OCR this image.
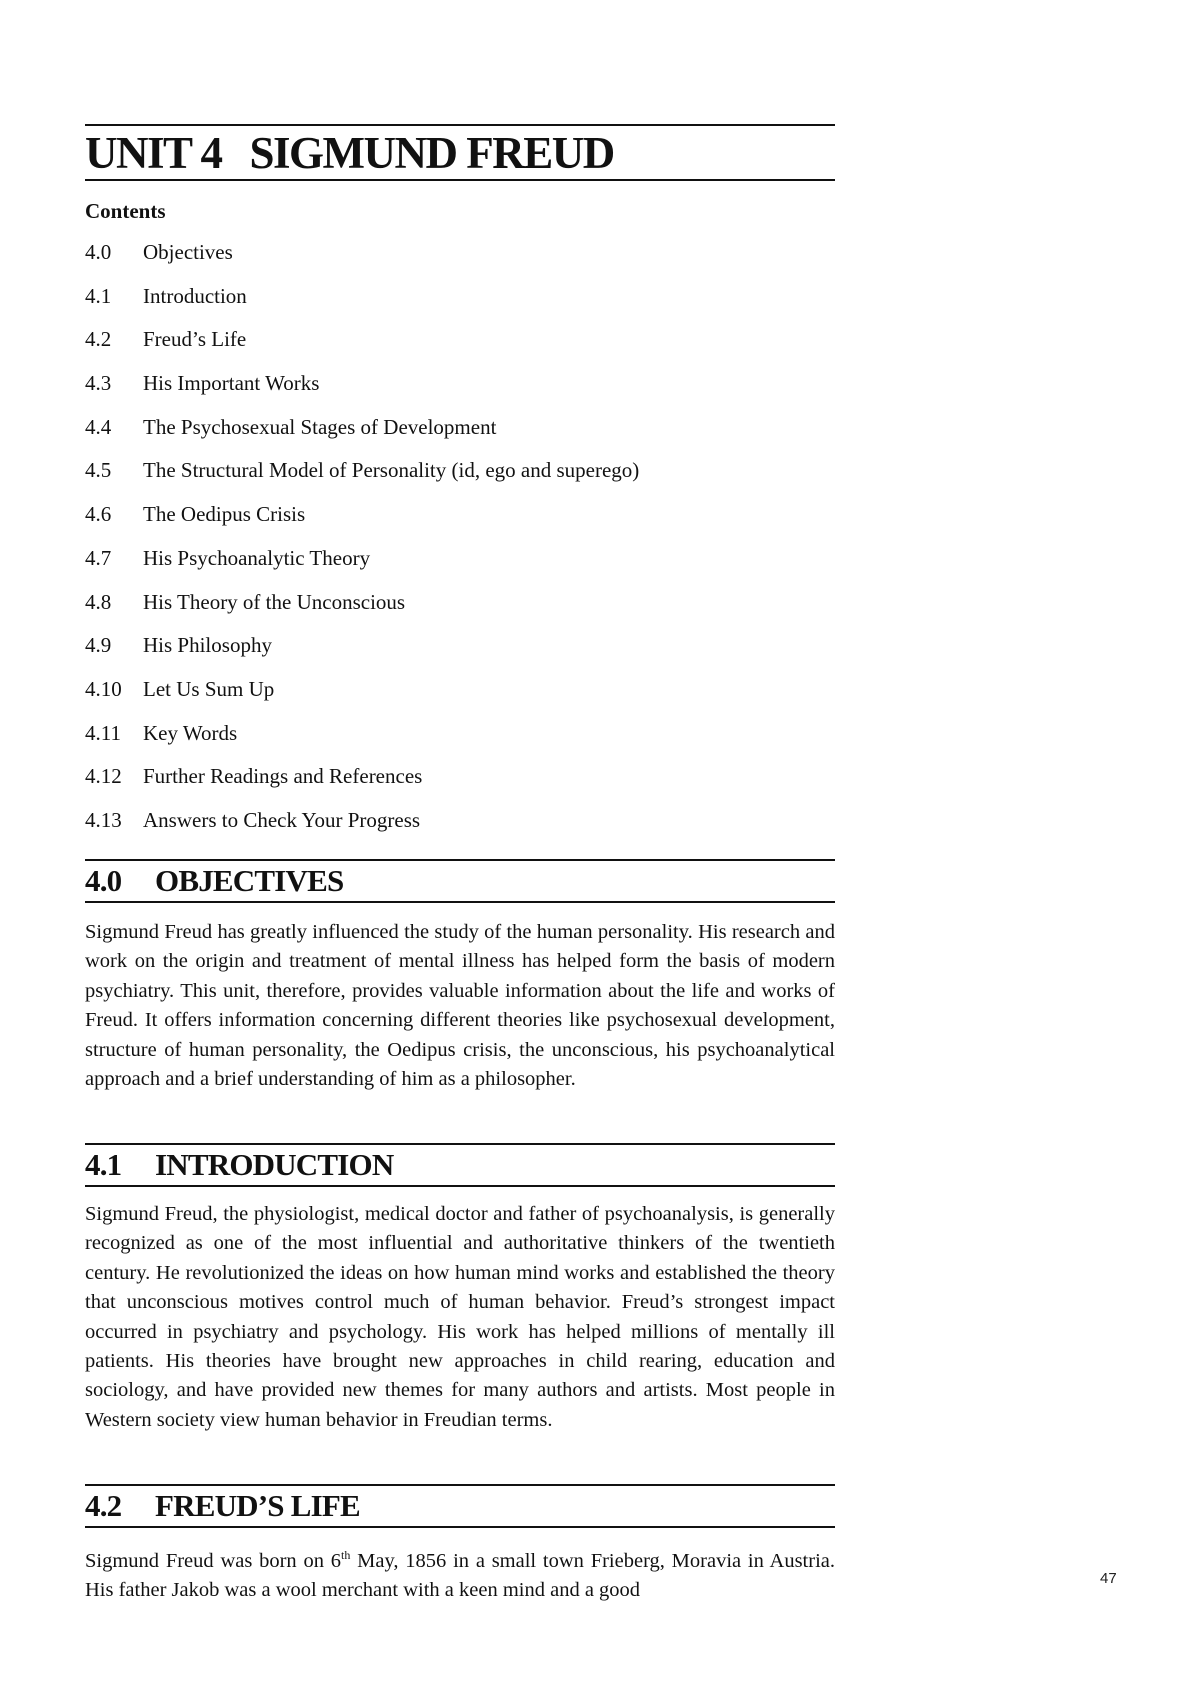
UNIT 4 SIGMUND FREUD
Contents
4.0 Objectives
4.1 Introduction
4.2 Freud’s Life
4.3 His Important Works
4.4 The Psychosexual Stages of Development
4.5 The Structural Model of Personality (id, ego and superego)
4.6 The Oedipus Crisis
4.7 His Psychoanalytic Theory
4.8 His Theory of the Unconscious
4.9 His Philosophy
4.10 Let Us Sum Up
4.11 Key Words
4.12 Further Readings and References
4.13 Answers to Check Your Progress
4.0 OBJECTIVES

Sigmund Freud has greatly influenced the study of the human personality. His research and work on the origin and treatment of mental illness has helped form the basis of modern psychiatry. This unit, therefore, provides valuable information about the life and works of Freud. It offers information concerning different theories like psychosexual development, structure of human personality, the Oedipus crisis, the unconscious, his psychoanalytical approach and a brief understanding of him as a philosopher.

4.1 INTRODUCTION

Sigmund Freud, the physiologist, medical doctor and father of psychoanalysis, is generally recognized as one of the most influential and authoritative thinkers of the twentieth century. He revolutionized the ideas on how human mind works and established the theory that unconscious motives control much of human behavior. Freud’s strongest impact occurred in psychiatry and psychology. His work has helped millions of mentally ill patients. His theories have brought new approaches in child rearing, education and sociology, and have provided new themes for many authors and artists. Most people in Western society view human behavior in Freudian terms.

4.2 FREUD’S LIFE

Sigmund Freud was born on 6th May, 1856 in a small town Frieberg, Moravia in Austria. His father Jakob was a wool merchant with a keen mind and a good

47
